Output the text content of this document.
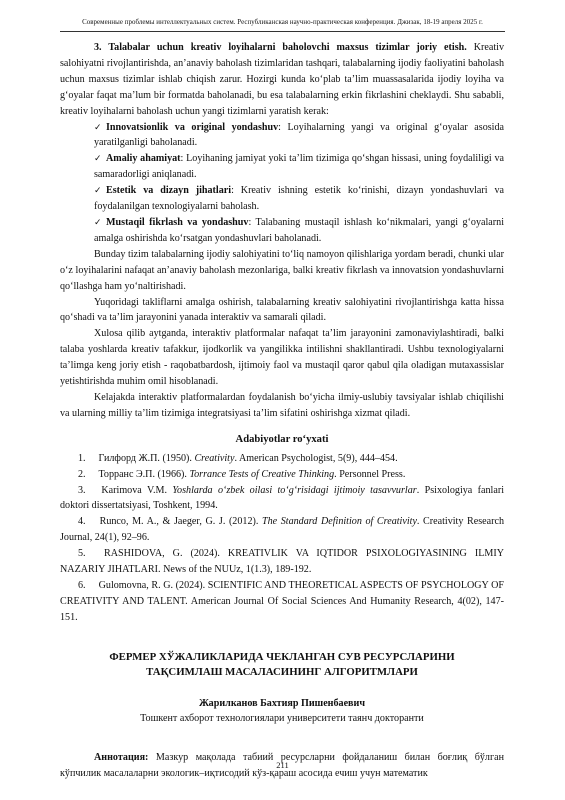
Современные проблемы интеллектуальных систем. Республиканская научно-практическая конференция. Джизак, 18-19 апреля 2025 г.

3. Talabalar uchun kreativ loyihalarni baholovchi maxsus tizimlar joriy etish. Kreativ salohiyatni rivojlantirishda, an’anaviy baholash tizimlaridan tashqari, talabalarning ijodiy faoliyatini baholash uchun maxsus tizimlar ishlab chiqish zarur. Hozirgi kunda ko‘plab ta’lim muassasalarida ijodiy loyiha va g‘oyalar faqat ma’lum bir formatda baholanadi, bu esa talabalarning erkin fikrlashini cheklaydi. Shu sababli, kreativ loyihalarni baholash uchun yangi tizimlarni yaratish kerak:

✓ Innovatsionlik va original yondashuv: Loyihalarning yangi va original g‘oyalar asosida yaratilganligi baholanadi.

✓ Amaliy ahamiyat: Loyihaning jamiyat yoki ta’lim tizimiga qo‘shgan hissasi, uning foydaliligi va samaradorligi aniqlanadi.

✓ Estetik va dizayn jihatlari: Kreativ ishning estetik ko‘rinishi, dizayn yondashuvlari va foydalanilgan texnologiyalarni baholash.

✓ Mustaqil fikrlash va yondashuv: Talabaning mustaqil ishlash ko‘nikmalari, yangi g‘oyalarni amalga oshirishda ko‘rsatgan yondashuvlari baholanadi.

Bunday tizim talabalarning ijodiy salohiyatini to‘liq namoyon qilishlariga yordam beradi, chunki ular o‘z loyihalarini nafaqat an’anaviy baholash mezonlariga, balki kreativ fikrlash va innovatsion yondashuvlarni qo‘llashga ham yo‘naltirishadi.

Yuqoridagi takliflarni amalga oshirish, talabalarning kreativ salohiyatini rivojlantirishga katta hissa qo‘shadi va ta’lim jarayonini yanada interaktiv va samarali qiladi.

Xulosa qilib aytganda, interaktiv platformalar nafaqat ta’lim jarayonini zamonaviylashtiradi, balki talaba yoshlarda kreativ tafakkur, ijodkorlik va yangilikka intilishni shakllantiradi. Ushbu texnologiyalarni ta’limga keng joriy etish - raqobatbardosh, ijtimoiy faol va mustaqil qaror qabul qila oladigan mutaxassislar yetishtirishda muhim omil hisoblanadi.

Kelajakda interaktiv platformalardan foydalanish bo‘yicha ilmiy-uslubiy tavsiyalar ishlab chiqilishi va ularning milliy ta’lim tizimiga integratsiyasi ta’lim sifatini oshirishga xizmat qiladi.

Adabiyotlar ro‘yxati

1. Гилфорд Ж.П. (1950). Creativity. American Psychologist, 5(9), 444–454.

2. Торранс Э.П. (1966). Torrance Tests of Creative Thinking. Personnel Press.

3. Karimova V.M. Yoshlarda o‘zbek oilasi to‘g‘risidagi ijtimoiy tasavvurlar. Psixologiya fanlari doktori dissertatsiyasi, Toshkent, 1994.

4. Runco, M. A., & Jaeger, G. J. (2012). The Standard Definition of Creativity. Creativity Research Journal, 24(1), 92–96.

5. RASHIDOVA, G. (2024). KREATIVLIK VA IQTIDOR PSIXOLOGIYASINING ILMIY NAZARIY JIHATLARI. News of the NUUz, 1(1.3), 189-192.

6. Gulomovna, R. G. (2024). SCIENTIFIC AND THEORETICAL ASPECTS OF PSYCHOLOGY OF CREATIVITY AND TALENT. American Journal Of Social Sciences And Humanity Research, 4(02), 147-151.

ФЕРМЕР ХЎЖАЛИКЛАРИДА ЧЕКЛАНГАН СУВ РЕСУРСЛАРИНИ
ТАҚСИМЛАШ МАСАЛАСИНИНГ АЛГОРИТМЛАРИ
Жарилканов Бахтияр Пишенбаевич
Тошкент ахборот технологиялари университети таянч докторанти

Аннотация: Мазкур мақолада табиий ресурсларни фойдаланиш билан боғлиқ бўлган кўпчилик масалаларни экологик–иқтисодий кўз-қараш асосида ечиш учун математик

211
